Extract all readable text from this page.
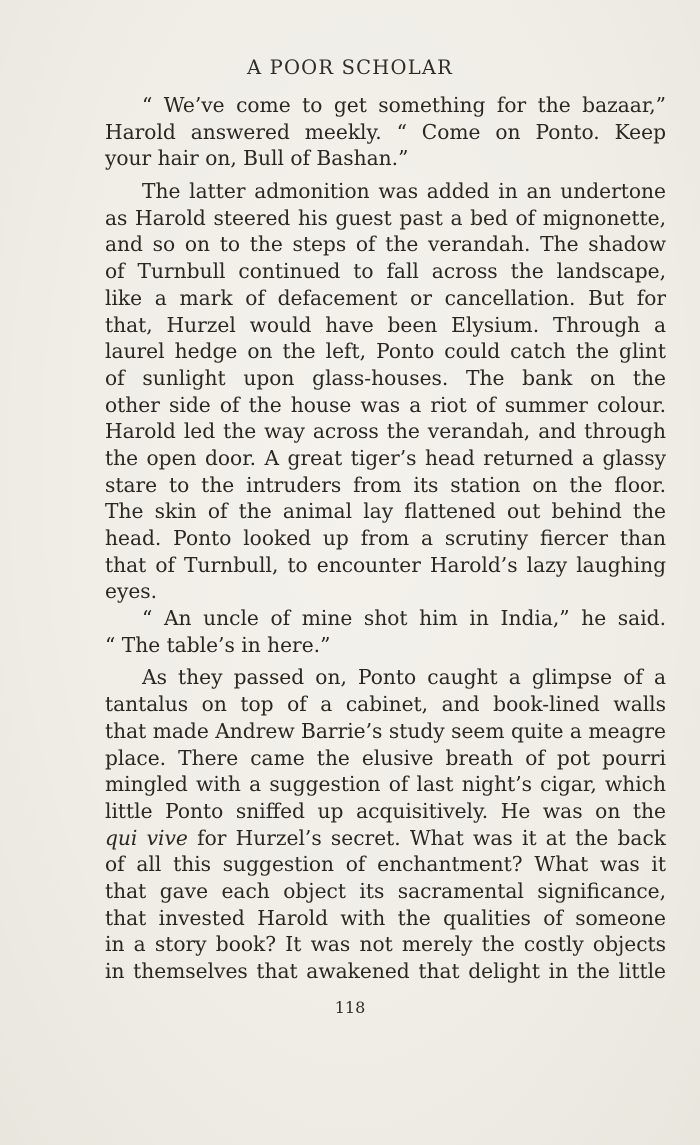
A POOR SCHOLAR
“ We’ve come to get something for the bazaar,”
Harold answered meekly. “ Come on Ponto. Keep
your hair on, Bull of Bashan.”
The latter admonition was added in an undertone
as Harold steered his guest past a bed of mignonette,
and so on to the steps of the verandah. The shadow
of Turnbull continued to fall across the landscape,
like a mark of defacement or cancellation. But for
that, Hurzel would have been Elysium. Through a
laurel hedge on the left, Ponto could catch the glint
of sunlight upon glass-houses. The bank on the
other side of the house was a riot of summer colour.
Harold led the way across the verandah, and through
the open door. A great tiger’s head returned a glassy
stare to the intruders from its station on the floor.
The skin of the animal lay flattened out behind the
head. Ponto looked up from a scrutiny fiercer than
that of Turnbull, to encounter Harold’s lazy laughing
eyes.
“ An uncle of mine shot him in India,” he said.
“ The table’s in here.”
As they passed on, Ponto caught a glimpse of a
tantalus on top of a cabinet, and book-lined walls
that made Andrew Barrie’s study seem quite a meagre
place. There came the elusive breath of pot pourri
mingled with a suggestion of last night’s cigar, which
little Ponto sniffed up acquisitively. He was on the
qui vive for Hurzel’s secret. What was it at the back
of all this suggestion of enchantment? What was it
that gave each object its sacramental significance,
that invested Harold with the qualities of someone
in a story book? It was not merely the costly objects
in themselves that awakened that delight in the little
118
